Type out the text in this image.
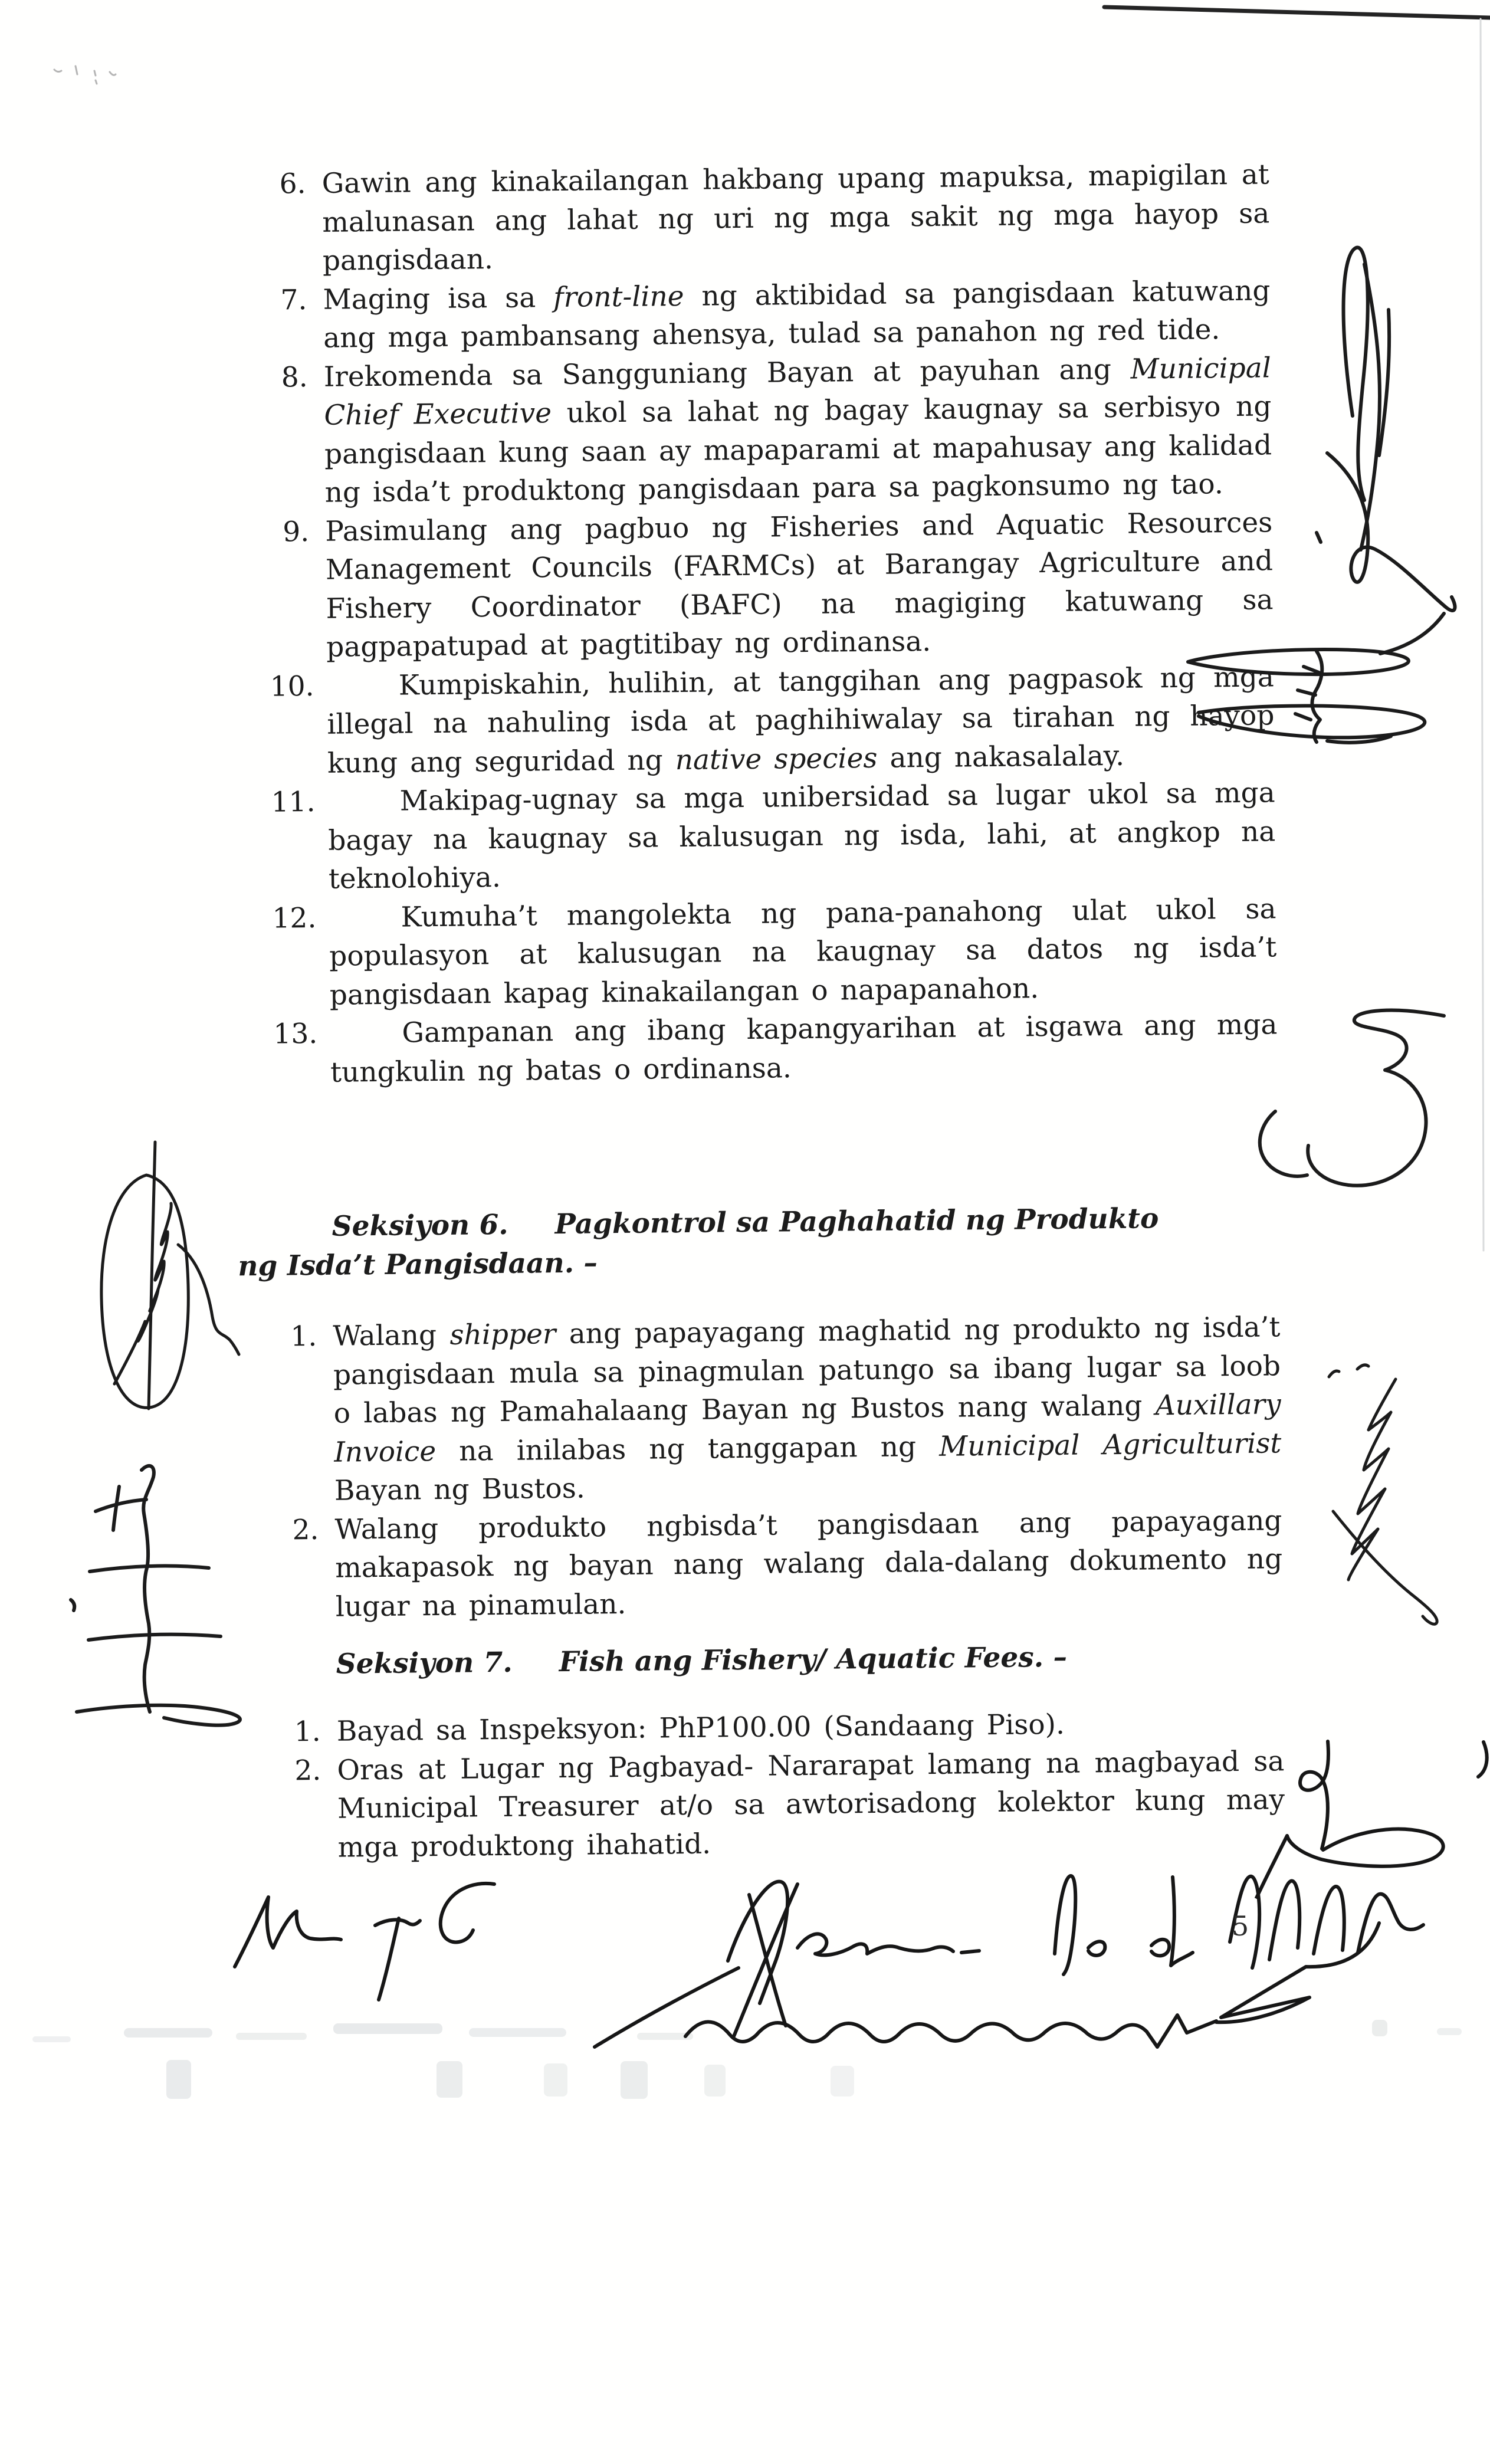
6. Gawin ang kinakailangan hakbang upang mapuksa, mapigilan at malunasan ang lahat ng uri ng mga sakit ng mga hayop sa pangisdaan.
7. Maging isa sa front-line ng aktibidad sa pangisdaan katuwang ang mga pambansang ahensya, tulad sa panahon ng red tide.
8. Irekomenda sa Sangguniang Bayan at payuhan ang Municipal Chief Executive ukol sa lahat ng bagay kaugnay sa serbisyo ng pangisdaan kung saan ay mapaparami at mapahusay ang kalidad ng isda’t produktong pangisdaan para sa pagkonsumo ng tao.
9. Pasimulang ang pagbuo ng Fisheries and Aquatic Resources Management Councils (FARMCs) at Barangay Agriculture and Fishery Coordinator (BAFC) na magiging katuwang sa pagpapatupad at pagtitibay ng ordinansa.
10.	Kumpiskahin, hulihin, at tanggihan ang pagpasok ng mga illegal na nahuling isda at paghihiwalay sa tirahan ng hayop kung ang seguridad ng native species ang nakasalalay.
11.	Makipag-ugnay sa mga unibersidad sa lugar ukol sa mga bagay na kaugnay sa kalusugan ng isda, lahi, at angkop na teknolohiya.
12.	Kumuha’t mangolekta ng pana-panahong ulat ukol sa populasyon at kalusugan na kaugnay sa datos ng isda’t pangisdaan kapag kinakailangan o napapanahon.
13.	Gampanan ang ibang kapangyarihan at isgawa ang mga tungkulin ng batas o ordinansa.
Seksiyon 6. Pagkontrol sa Paghahatid ng Produkto
ng Isda’t Pangisdaan. –
1. Walang shipper ang papayagang maghatid ng produkto ng isda’t pangisdaan mula sa pinagmulan patungo sa ibang lugar sa loob o labas ng Pamahalaang Bayan ng Bustos nang walang Auxillary Invoice na inilabas ng tanggapan ng Municipal Agriculturist Bayan ng Bustos.
2. Walang produkto ngbisda’t pangisdaan ang papayagang makapasok ng bayan nang walang dala-dalang dokumento ng lugar na pinamulan.
Seksiyon 7. Fish ang Fishery/ Aquatic Fees. –
1. Bayad sa Inspeksyon: PhP100.00 (Sandaang Piso).
2. Oras at Lugar ng Pagbayad- Nararapat lamang na magbayad sa Municipal Treasurer at/o sa awtorisadong kolektor kung may mga produktong ihahatid.
5
